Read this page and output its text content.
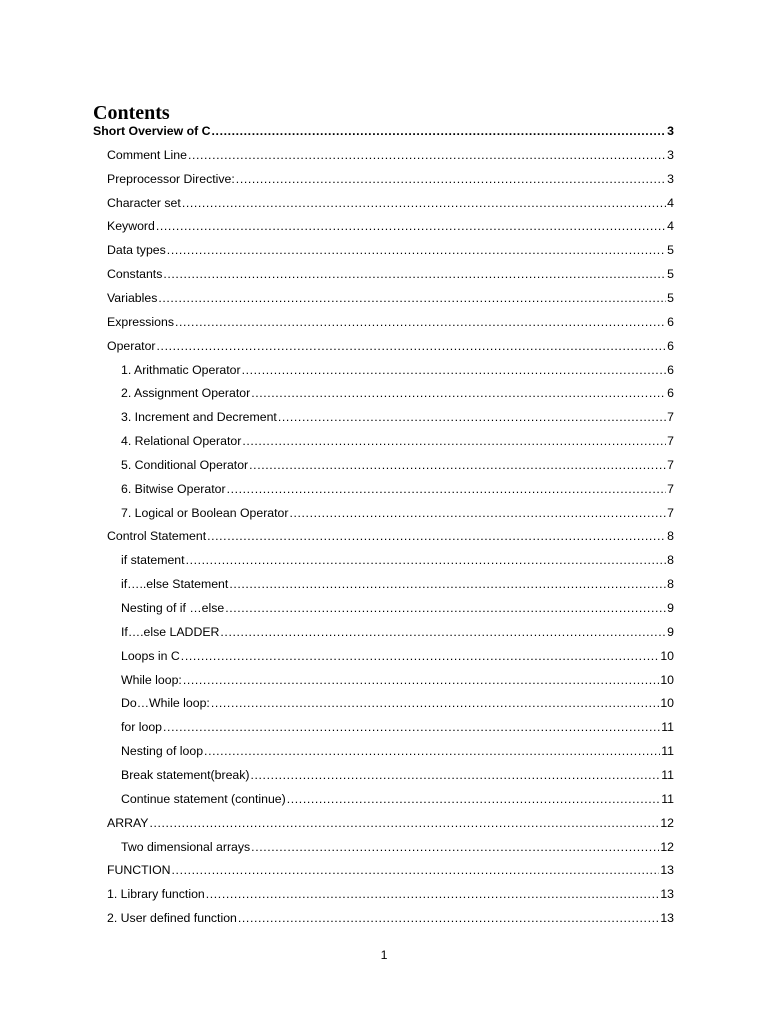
Contents
Short Overview of C .....	3
Comment Line .....	3
Preprocessor Directive: .....	3
Character set .....	4
Keyword .....	4
Data types .....	5
Constants .....	5
Variables .....	5
Expressions .....	6
Operator .....	6
1. Arithmatic Operator .....	6
2. Assignment Operator .....	6
3. Increment and Decrement .....	7
4. Relational Operator .....	7
5. Conditional Operator .....	7
6. Bitwise Operator .....	7
7. Logical or Boolean Operator .....	7
Control Statement .....	8
if statement .....	8
if…..else Statement .....	8
Nesting of if …else .....	9
If….else LADDER .....	9
Loops in C .....	10
While loop: .....	10
Do…While loop: .....	10
for loop .....	11
Nesting of loop .....	11
Break statement(break) .....	11
Continue statement (continue) .....	11
ARRAY .....	12
Two dimensional arrays .....	12
FUNCTION .....	13
1. Library function .....	13
2. User defined function .....	13
1
